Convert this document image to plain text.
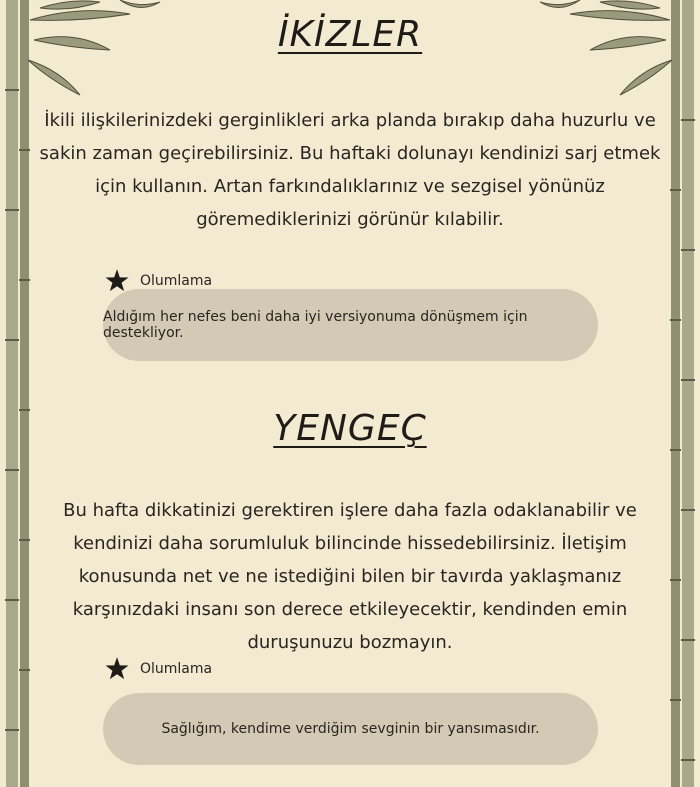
İKİZLER
İkili ilişkilerinizdeki gerginlikleri arka planda bırakıp daha huzurlu ve sakin zaman geçirebilirsiniz. Bu haftaki dolunayı kendinizi sarj etmek için kullanın. Artan farkındalıklarınız ve sezgisel yönünüz göremediklerinizi görünür kılabilir.
Olumlama
Aldığım her nefes beni daha iyi versiyonuma dönüşmem için destekliyor.
YENGEÇ
Bu hafta dikkatinizi gerektiren işlere daha fazla odaklanabilir ve kendinizi daha sorumluluk bilincinde hissedebilirsiniz. İletişim konusunda net ve ne istediğini bilen bir tavırda yaklaşmanız karşınızdaki insanı son derece etkileyecektir, kendinden emin duruşunuzu bozmayın.
Olumlama
Sağlığım, kendime verdiğim sevginin bir yansımasıdır.
